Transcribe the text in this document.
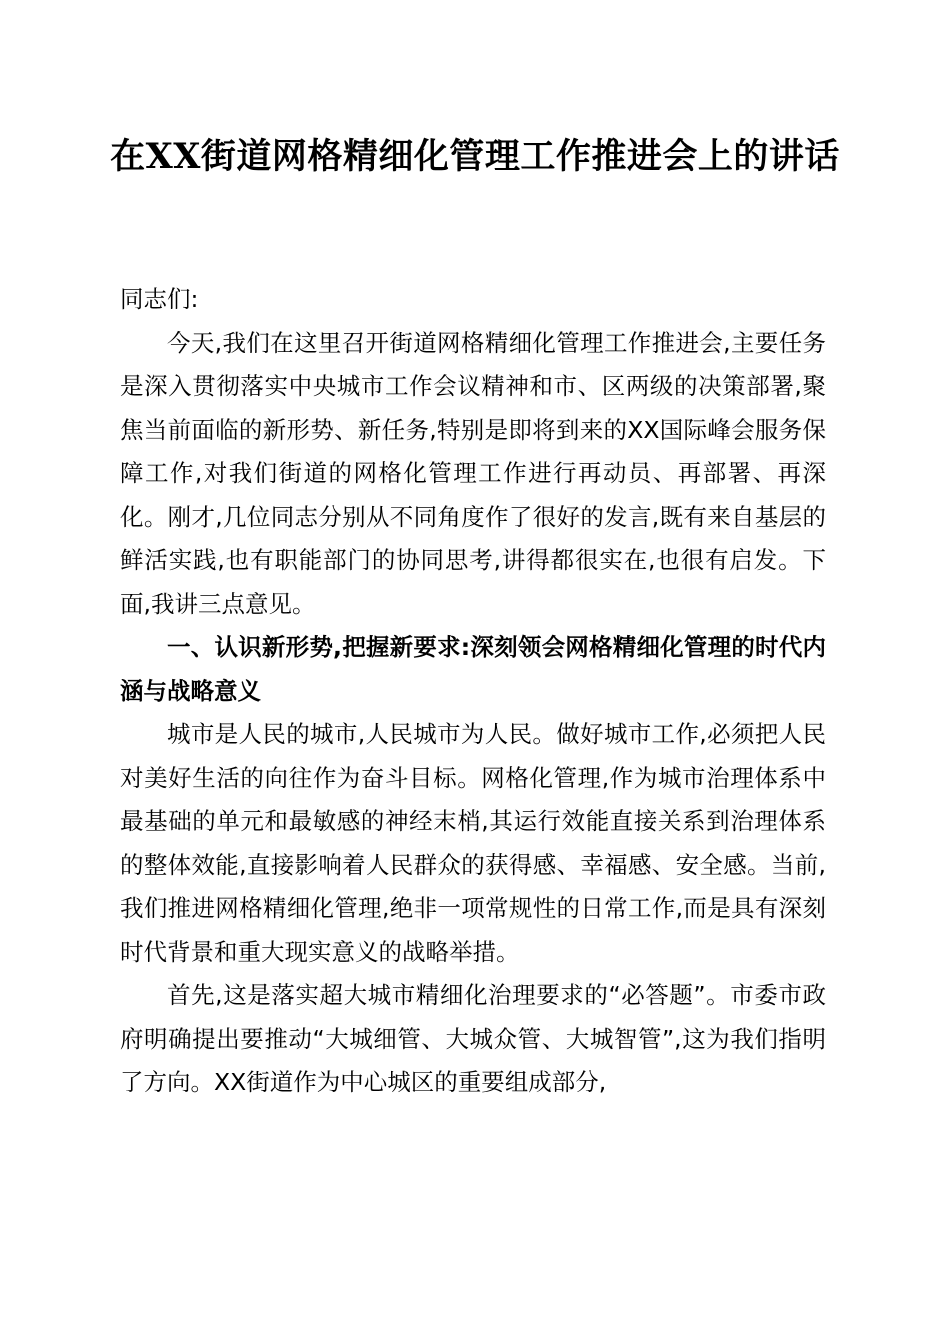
在XX街道网格精细化管理工作推进会上的讲话

同志们:

今天,我们在这里召开街道网格精细化管理工作推进会,主要任务是深入贯彻落实中央城市工作会议精神和市、区两级的决策部署,聚焦当前面临的新形势、新任务,特别是即将到来的XX国际峰会服务保障工作,对我们街道的网格化管理工作进行再动员、再部署、再深化。刚才,几位同志分别从不同角度作了很好的发言,既有来自基层的鲜活实践,也有职能部门的协同思考,讲得都很实在,也很有启发。下面,我讲三点意见。

一、认识新形势,把握新要求:深刻领会网格精细化管理的时代内涵与战略意义

城市是人民的城市,人民城市为人民。做好城市工作,必须把人民对美好生活的向往作为奋斗目标。网格化管理,作为城市治理体系中最基础的单元和最敏感的神经末梢,其运行效能直接关系到治理体系的整体效能,直接影响着人民群众的获得感、幸福感、安全感。当前,我们推进网格精细化管理,绝非一项常规性的日常工作,而是具有深刻时代背景和重大现实意义的战略举措。

首先,这是落实超大城市精细化治理要求的“必答题”。市委市政府明确提出要推动“大城细管、大城众管、大城智管”,这为我们指明了方向。XX街道作为中心城区的重要组成部分,
